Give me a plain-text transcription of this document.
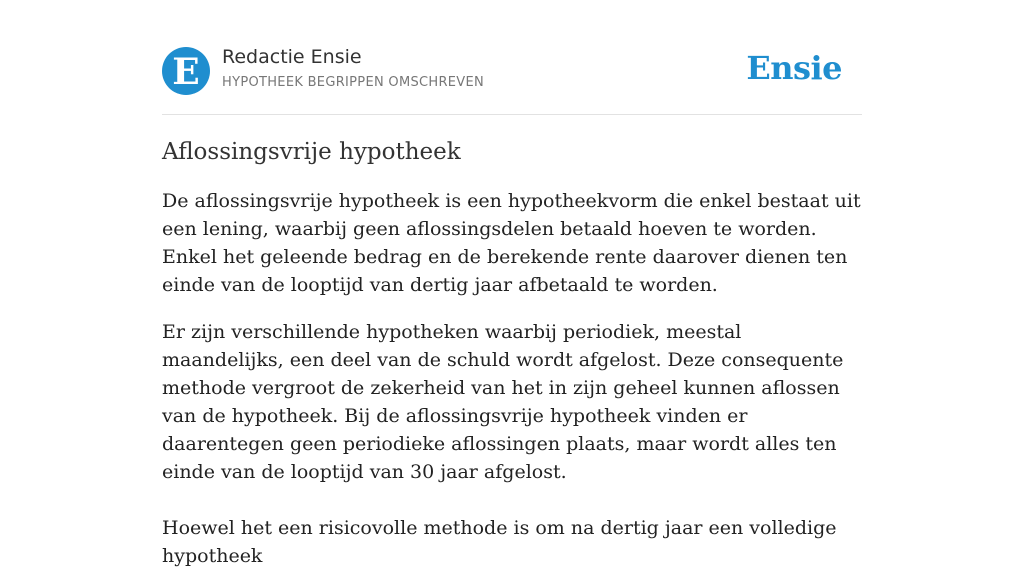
E Redactie Ensie
HYPOTHEEK BEGRIPPEN OMSCHREVEN	Ensie
Aflossingsvrije hypotheek

De aflossingsvrije hypotheek is een hypotheekvorm die enkel bestaat uit een lening, waarbij geen aflossingsdelen betaald hoeven te worden. Enkel het geleende bedrag en de berekende rente daarover dienen ten einde van de looptijd van dertig jaar afbetaald te worden.

Er zijn verschillende hypotheken waarbij periodiek, meestal maandelijks, een deel van de schuld wordt afgelost. Deze consequente methode vergroot de zekerheid van het in zijn geheel kunnen aflossen van de hypotheek. Bij de aflossingsvrije hypotheek vinden er daarentegen geen periodieke aflossingen plaats, maar wordt alles ten einde van de looptijd van 30 jaar afgelost.

Hoewel het een risicovolle methode is om na dertig jaar een volledige hypotheek
